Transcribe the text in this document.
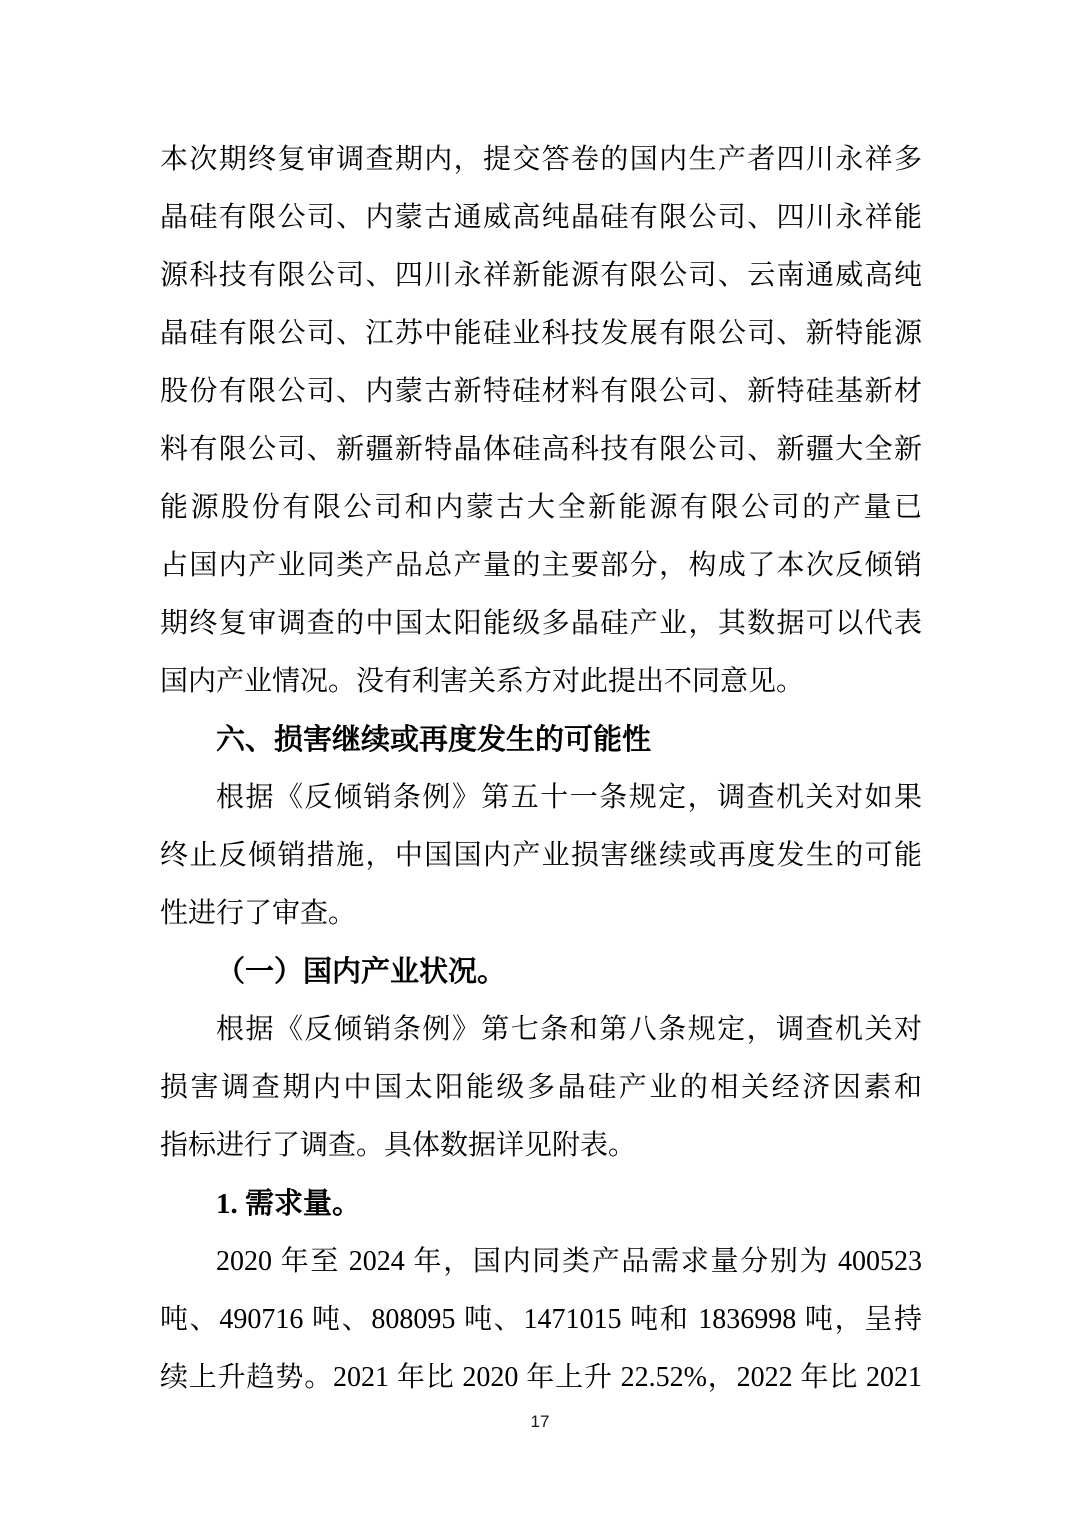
本次期终复审调查期内，提交答卷的国内生产者四川永祥多
晶硅有限公司、内蒙古通威高纯晶硅有限公司、四川永祥能
源科技有限公司、四川永祥新能源有限公司、云南通威高纯
晶硅有限公司、江苏中能硅业科技发展有限公司、新特能源
股份有限公司、内蒙古新特硅材料有限公司、新特硅基新材
料有限公司、新疆新特晶体硅高科技有限公司、新疆大全新
能源股份有限公司和内蒙古大全新能源有限公司的产量已
占国内产业同类产品总产量的主要部分，构成了本次反倾销
期终复审调查的中国太阳能级多晶硅产业，其数据可以代表
国内产业情况。没有利害关系方对此提出不同意见。
六、损害继续或再度发生的可能性
根据《反倾销条例》第五十一条规定，调查机关对如果
终止反倾销措施，中国国内产业损害继续或再度发生的可能
性进行了审查。
（一）国内产业状况。
根据《反倾销条例》第七条和第八条规定，调查机关对
损害调查期内中国太阳能级多晶硅产业的相关经济因素和
指标进行了调查。具体数据详见附表。
1. 需求量。
2020 年至 2024 年，国内同类产品需求量分别为 400523
吨、490716 吨、808095 吨、1471015 吨和 1836998 吨，呈持
续上升趋势。2021 年比 2020 年上升 22.52%，2022 年比 2021
17
